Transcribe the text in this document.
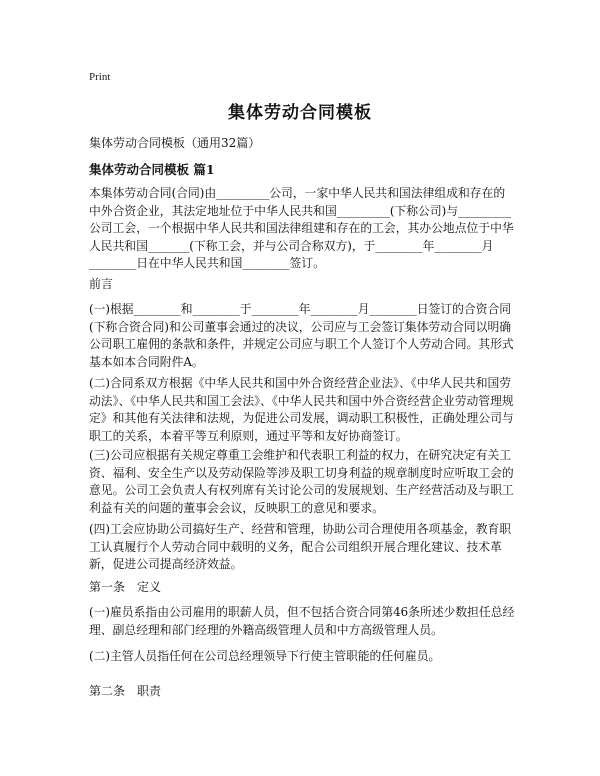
Print
集体劳动合同模板
集体劳动合同模板（通用32篇）
集体劳动合同模板 篇1

本集体劳动合同(合同)由_________公司，一家中华人民共和国法律组成和存在的中外合资企业，其法定地址位于中华人民共和国_________(下称公司)与_________公司工会，一个根据中华人民共和国法律组建和存在的工会，其办公地点位于中华人民共和国_______(下称工会，并与公司合称双方)，于________年________月________日在中华人民共和国________签订。

前言

(一)根据________和________于________年________月________日签订的合资合同(下称合资合同)和公司董事会通过的决议，公司应与工会签订集体劳动合同以明确公司职工雇佣的条款和条件，并规定公司应与职工个人签订个人劳动合同。其形式基本如本合同附件A。

(二)合同系双方根据《中华人民共和国中外合资经营企业法》、《中华人民共和国劳动法》、《中华人民共和国工会法》、《中华人民共和国中外合资经营企业劳动管理规定》和其他有关法律和法规，为促进公司发展，调动职工积极性，正确处理公司与职工的关系，本着平等互利原则，通过平等和友好协商签订。

(三)公司应根据有关规定尊重工会维护和代表职工利益的权力，在研究决定有关工资、福利、安全生产以及劳动保险等涉及职工切身利益的规章制度时应听取工会的意见。公司工会负责人有权列席有关讨论公司的发展规划、生产经营活动及与职工利益有关的问题的董事会会议，反映职工的意见和要求。

(四)工会应协助公司搞好生产、经营和管理，协助公司合理使用各项基金，教育职工认真履行个人劳动合同中载明的义务，配合公司组织开展合理化建议、技术革新，促进公司提高经济效益。

第一条　定义

(一)雇员系指由公司雇用的职薪人员，但不包括合资合同第46条所述少数担任总经理、副总经理和部门经理的外籍高级管理人员和中方高级管理人员。

(二)主管人员指任何在公司总经理领导下行使主管职能的任何雇员。

第二条　职责
